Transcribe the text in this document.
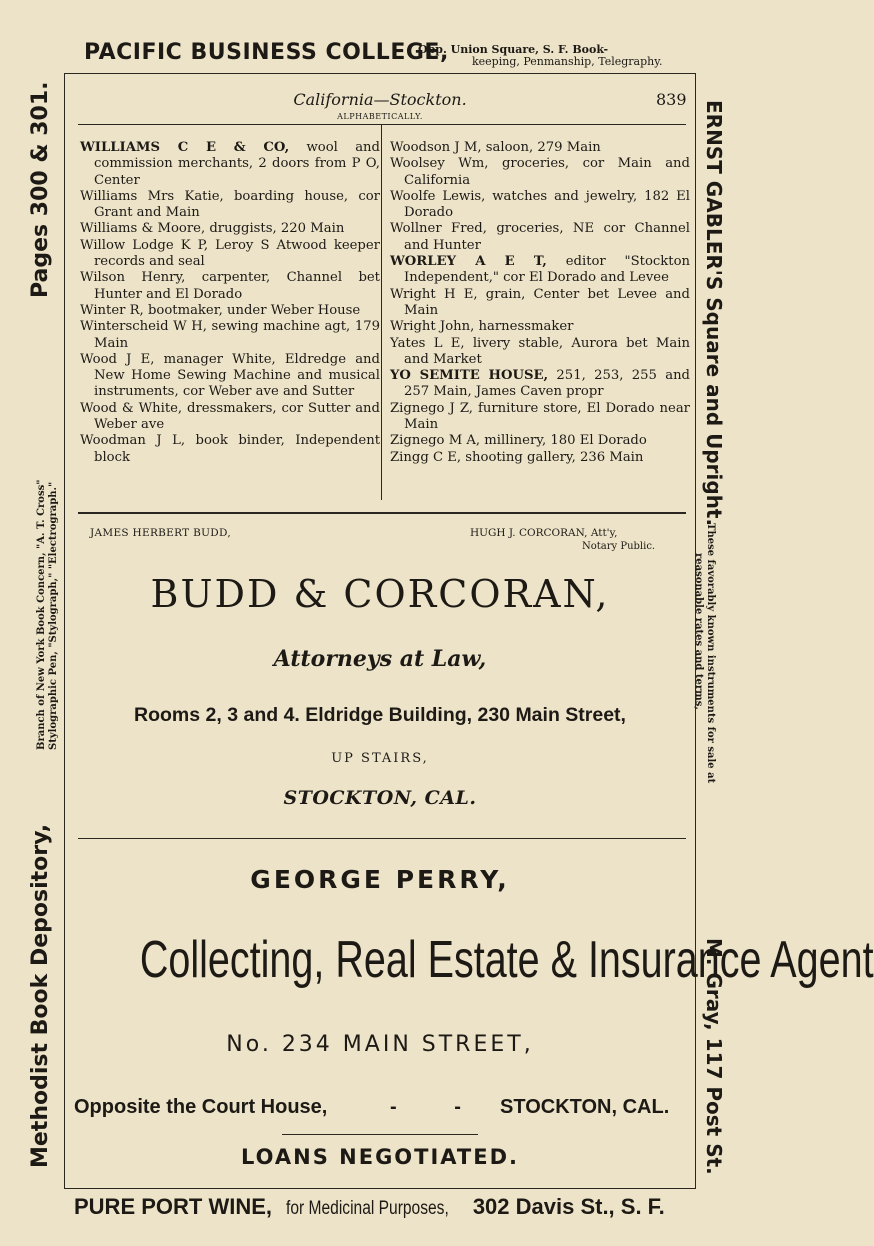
PACIFIC BUSINESS COLLEGE,
Opp. Union Square, S. F. Book-
keeping, Penmanship, Telegraphy.
Methodist Book Depository,
Pages 300 & 301.
Branch of New York Book Concern, "A. T. Cross" Stylographic Pen, "Stylograph," "Electrograph."
ERNST GABLER'S Square and Upright.
These favorably known instruments for sale at
reasonable rates and terms,
M. Gray, 117 Post St.
California—Stockton.	839
ALPHABETICALLY.
WILLIAMS C E & CO, wool and commission merchants, 2 doors from P O, Center
Williams Mrs Katie, boarding house, cor Grant and Main
Williams & Moore, druggists, 220 Main
Willow Lodge K P, Leroy S Atwood keeper records and seal
Wilson Henry, carpenter, Channel bet Hunter and El Dorado
Winter R, bootmaker, under Weber House
Winterscheid W H, sewing machine agt, 179 Main
Wood J E, manager White, Eldredge and New Home Sewing Machine and musical instruments, cor Weber ave and Sutter
Wood & White, dressmakers, cor Sutter and Weber ave
Woodman J L, book binder, Independent block
Woodson J M, saloon, 279 Main
Woolsey Wm, groceries, cor Main and California
Woolfe Lewis, watches and jewelry, 182 El Dorado
Wollner Fred, groceries, NE cor Channel and Hunter
WORLEY A E T, editor "Stockton Independent," cor El Dorado and Levee
Wright H E, grain, Center bet Levee and Main
Wright John, harnessmaker
Yates L E, livery stable, Aurora bet Main and Market
YO SEMITE HOUSE, 251, 253, 255 and 257 Main, James Caven propr
Zignego J Z, furniture store, El Dorado near Main
Zignego M A, millinery, 180 El Dorado
Zingg C E, shooting gallery, 236 Main
JAMES HERBERT BUDD,	HUGH J. CORCORAN, Att'y,
Notary Public.
BUDD & CORCORAN,
Attorneys at Law,
Rooms 2, 3 and 4. Eldridge Building, 230 Main Street,
UP STAIRS,
STOCKTON, CAL.
GEORGE PERRY,
Collecting, Real Estate & Insurance Agent
No. 234 MAIN STREET,
Opposite the Court House,	- - STOCKTON, CAL.
LOANS NEGOTIATED.
PURE PORT WINE, for Medicinal Purposes, 302 Davis St., S. F.
